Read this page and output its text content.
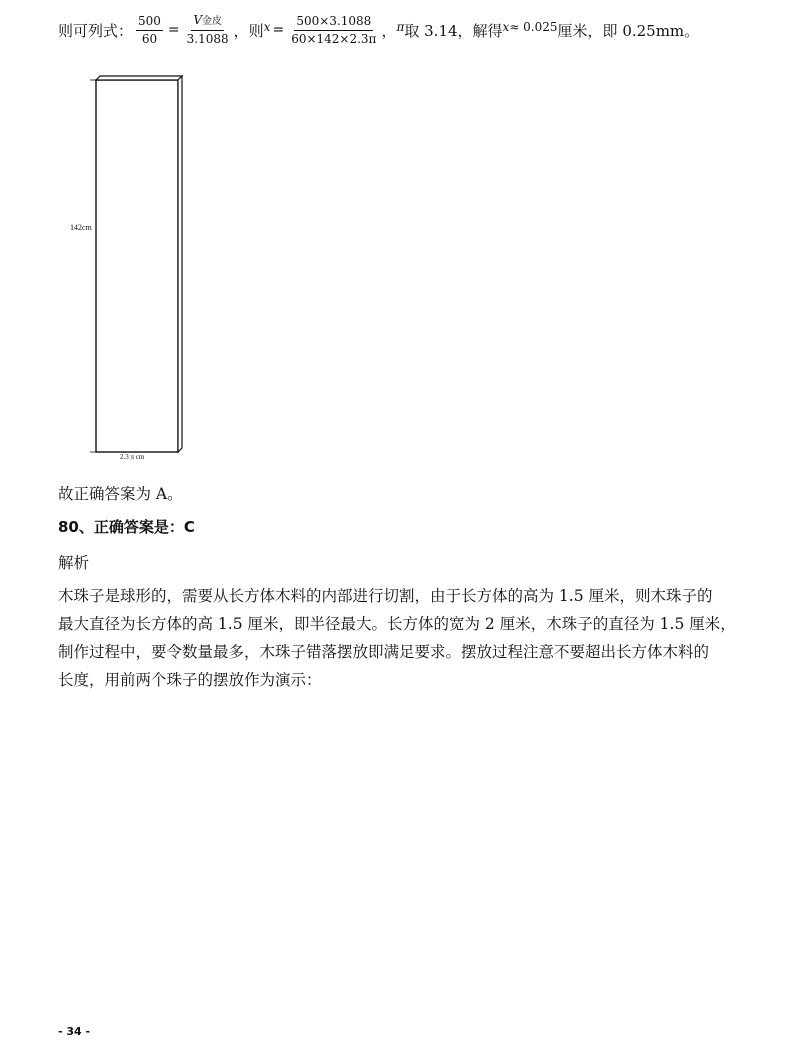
则可列式： $\frac{500}{60} = \frac{\text{V金皮}}{3.1088}$ ，则 $x = \frac{500\times 3.1088}{60\times 142\times 2.3\pi}$ ， π 取 3.14，解得 x ≈ 0.025 厘米，即 0.25mm。
142cm
2.3 π cm
故正确答案为 A。
80、正确答案是：C
解析
木珠子是球形的，需要从长方体木料的内部进行切割，由于长方体的高为 1.5 厘米，则木珠子的
最大直径为长方体的高 1.5 厘米，即半径最大。长方体的宽为 2 厘米，木珠子的直径为 1.5 厘米，
制作过程中，要令数量最多，木珠子错落摆放即满足要求。摆放过程注意不要超出长方体木料的
长度，用前两个珠子的摆放作为演示：
- 34 -
